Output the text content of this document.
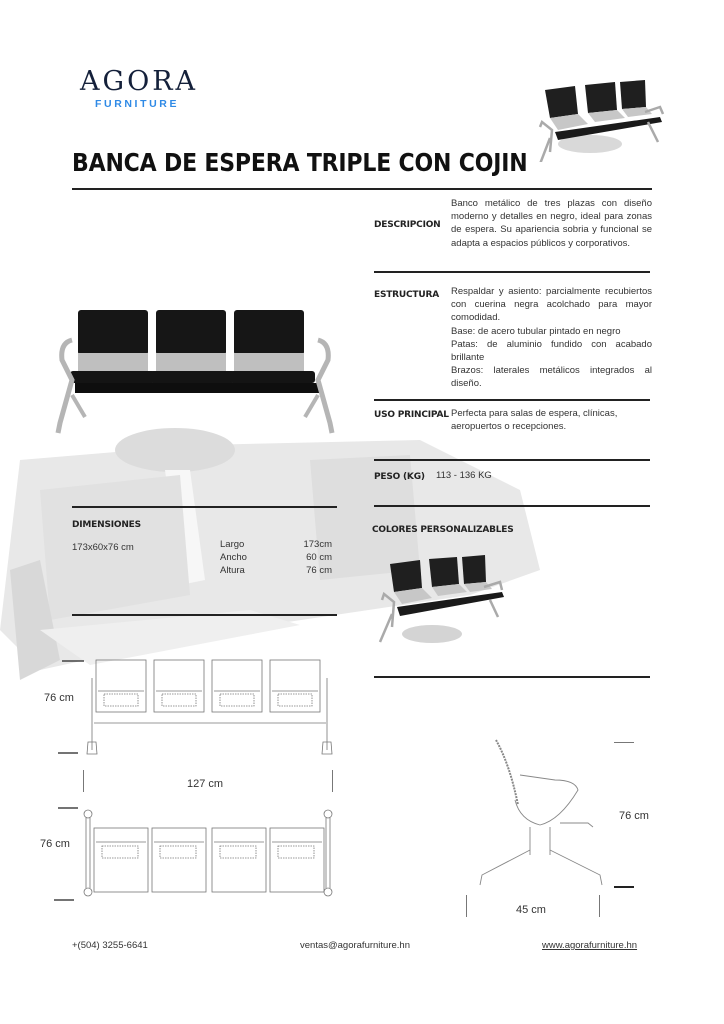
AGORA
FURNITURE
BANCA DE ESPERA TRIPLE CON COJIN
DESCRIPCION
Banco metálico de tres plazas con diseño moderno y detalles en negro, ideal para zonas de espera. Su apariencia sobria y funcional se adapta a espacios públicos y corporativos.
ESTRUCTURA Respaldar y asiento: parcialmente recubiertos con cuerina negra acolchado para mayor comodidad.
Base: de acero tubular pintado en negro
Patas: de aluminio fundido con acabado brillante
Brazos: laterales metálicos integrados al diseño.
USO PRINCIPAL Perfecta para salas de espera, clínicas, aeropuertos o recepciones.
PESO (KG) 113 - 136 KG
COLORES PERSONALIZABLES
DIMENSIONES
173x60x76 cm	Largo	173cm
Ancho	60 cm
Altura	76 cm
76 cm
127 cm
76 cm
76 cm
45 cm
+(504) 3255-6641	ventas@agorafurniture.hn	www.agorafurniture.hn
